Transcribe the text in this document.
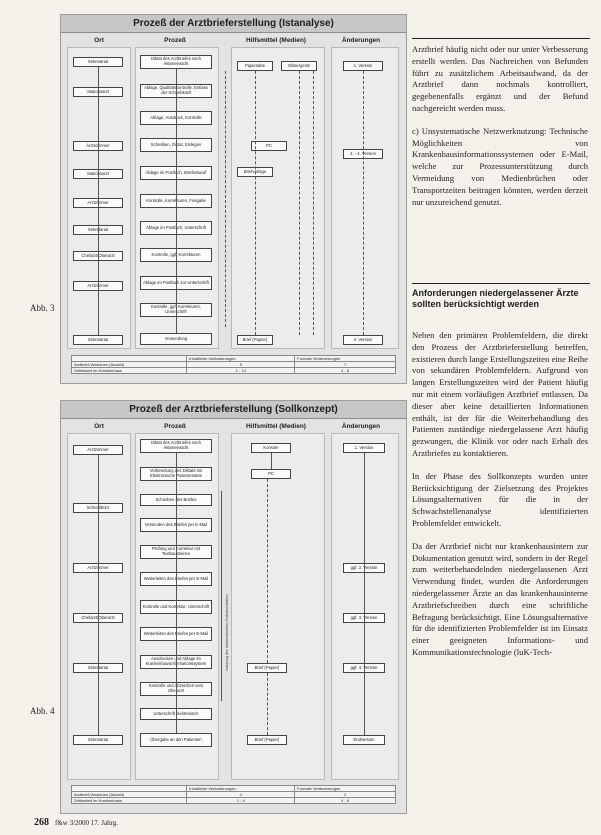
Prozeß der Arztbrieferstellung (Istanalyse)
Ort	Prozeß	Hilfsmittel (Medien)	Änderungen
Sekretariat
Stationsarzt
Ärztezimmer
Stationsarzt
Arztzimmer
Sekretariat
Chefarzt/Oberarzt
Arztzimmer
Sekretariat
Diktat des Arztbriefes nach Akteneinsicht
Ablage, Qualitätskontrolle, Entlass der Schreibkraft
Ablage, Ausdruck, Kontrolle
Schreiben, Diktat, Einlegen
Ablage im Postfach, Briefentwurf
Kontrolle, Korrekturen, Freigabe
Ablage im Postfach, Unterschrift
Kontrolle, ggf. Korrekturen
Ablage im Postfach zur Unterschrift
Kontrolle, ggf. Korrekturen, Unterschrift
Versendung
Papierakte	Diktiergerät
PC
Briefvorlage
Brief (Papier)
1. Version
2. - 4. Version
n. Version
	Inhaltliche Veränderungen	Formale Veränderungen
Arztbrief-Versionen (Anzahl)	9	7
Zeitbedarf im Krankenhaus	1 - 14	4 - 8
Abb. 3
Prozeß der Arztbrieferstellung (Sollkonzept)
Ort	Prozeß	Hilfsmittel (Medien)	Änderungen
Arztzimmer
Schreibbüro
Arztzimmer
Chefarzt/Oberarzt
Sekretariat
Sekretariat
Diktat des Arztbriefes nach Akteneinsicht
Vorbereitung des Diktats mit Elektronische Patientenakte
Schreiben des Briefes
Versenden des Briefes per E-Mail
Prüfung und Korrektur mit Textbausteinen
Weiterleiten des Briefes per E-Mail
Kontrolle und Korrektur, Unterschrift
Weiterleiten des Briefes per E-Mail
Ausdrucken und Ablage im Krankenhausinformationssystem
Kontrolle und Abzeichen vom Oberarzt
Unterschrift elektronisch
Übergabe an den Patienten
Nutzung der elektronischen Dokumentation
Konsole
PC
Brief (Papier)
Brief (Papier)
1. Version
ggf. 2. Version
ggf. 3. Version
ggf. 4. Version
Endversion
	Inhaltliche Veränderungen	Formale Veränderungen
Arztbrief-Versionen (Anzahl)	4	2
Zeitbedarf im Krankenhaus	1 - 4	4 - 6
Abb. 4

Arztbrief häufig nicht oder nur unter Verbesserung erstellt werden. Das Nachreichen von Befunden führt zu zusätzlichem Arbeitsaufwand, da der Arztbrief dann nochmals kontrolliert, gegebenenfalls ergänzt und der Befund nachgereicht werden muss.

c) Unsystematische Netzwerknutzung: Technische Möglichkeiten von Krankenhausinformationssystemen oder E-Mail, welche zur Prozessunterstützung durch Vermeidung von Medienbrüchen oder Transportzeiten beitragen könnten, werden derzeit nur unzureichend genutzt.

Anforderungen niedergelassener Ärzte sollten berücksichtigt werden

Neben den primären Problemfeldern, die direkt den Prozess der Arztbrieferstellung betreffen, existieren durch lange Erstellungszeiten eine Reihe von sekundären Problemfeldern. Aufgrund von langen Erstellungszeiten wird der Patient häufig nur mit einem vorläufigen Arztbrief entlassen. Da dieser aber keine detaillierten Informationen enthält, ist der für die Weiterbehandlung des Patienten zuständige niedergelassene Arzt häufig gezwungen, die Klinik vor oder nach Erhalt des Arztbriefes zu kontaktieren.

In der Phase des Sollkonzepts wurden unter Berücksichtigung der Zielsetzung des Projektes Lösungsalternativen für die in der Schwachstellenanalyse identifizierten Problemfelder entwickelt.

Da der Arztbrief nicht nur krankenhausintern zur Dokumentation genutzt wird, sondern in der Regel zum weiterbehandelnden niedergelassenen Arzt Verwendung findet, wurden die Anforderungen niedergelassener Ärzte an das krankenhausinterne Arztbriefschreiben durch eine schriftliche Befragung berücksichtigt. Eine Lösungsalternative für die identifizierten Problemfelder ist im Einsatz einer geeigneten Informations- und Kommunikationstechnologie (luK-Tech-

268 f&w 3/2000 17. Jahrg.
